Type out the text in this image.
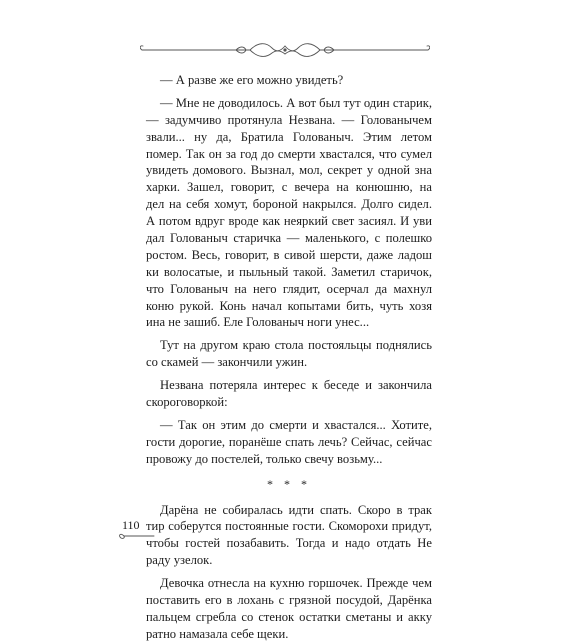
— А разве же его можно увидеть?
— Мне не доводилось. А вот был тут один старик,
— задумчиво протянула Незвана. — Голованычем
звали... ну да, Братила Голованыч. Этим летом
помер. Так он за год до смерти хвастался, что сумел
увидеть домового. Вызнал, мол, секрет у одной зна
харки. Зашел, говорит, с вечера на конюшню, на
дел на себя хомут, бороной накрылся. Долго сидел.
А потом вдруг вроде как неяркий свет засиял. И уви
дал Голованыч старичка — маленького, с полешко
ростом. Весь, говорит, в сивой шерсти, даже ладош
ки волосатые, и пыльный такой. Заметил старичок,
что Голованыч на него глядит, осерчал да махнул
коню рукой. Конь начал копытами бить, чуть хозя
ина не зашиб. Еле Голованыч ноги унес...
Тут на другом краю стола постояльцы поднялись
со скамей — закончили ужин.
Незвана потеряла интерес к беседе и закончила
скороговоркой:
— Так он этим до смерти и хвастался... Хотите,
гости дорогие, поранёше спать лечь? Сейчас, сейчас
провожу до постелей, только свечу возьму...
* * *
Дарёна не собиралась идти спать. Скоро в трак
тир соберутся постоянные гости. Скоморохи придут,
чтобы гостей позабавить. Тогда и надо отдать Не
раду узелок.
Девочка отнесла на кухню горшочек. Прежде чем
поставить его в лохань с грязной посудой, Дарёнка
пальцем сгребла со стенок остатки сметаны и акку
ратно намазала себе щеки.
110
